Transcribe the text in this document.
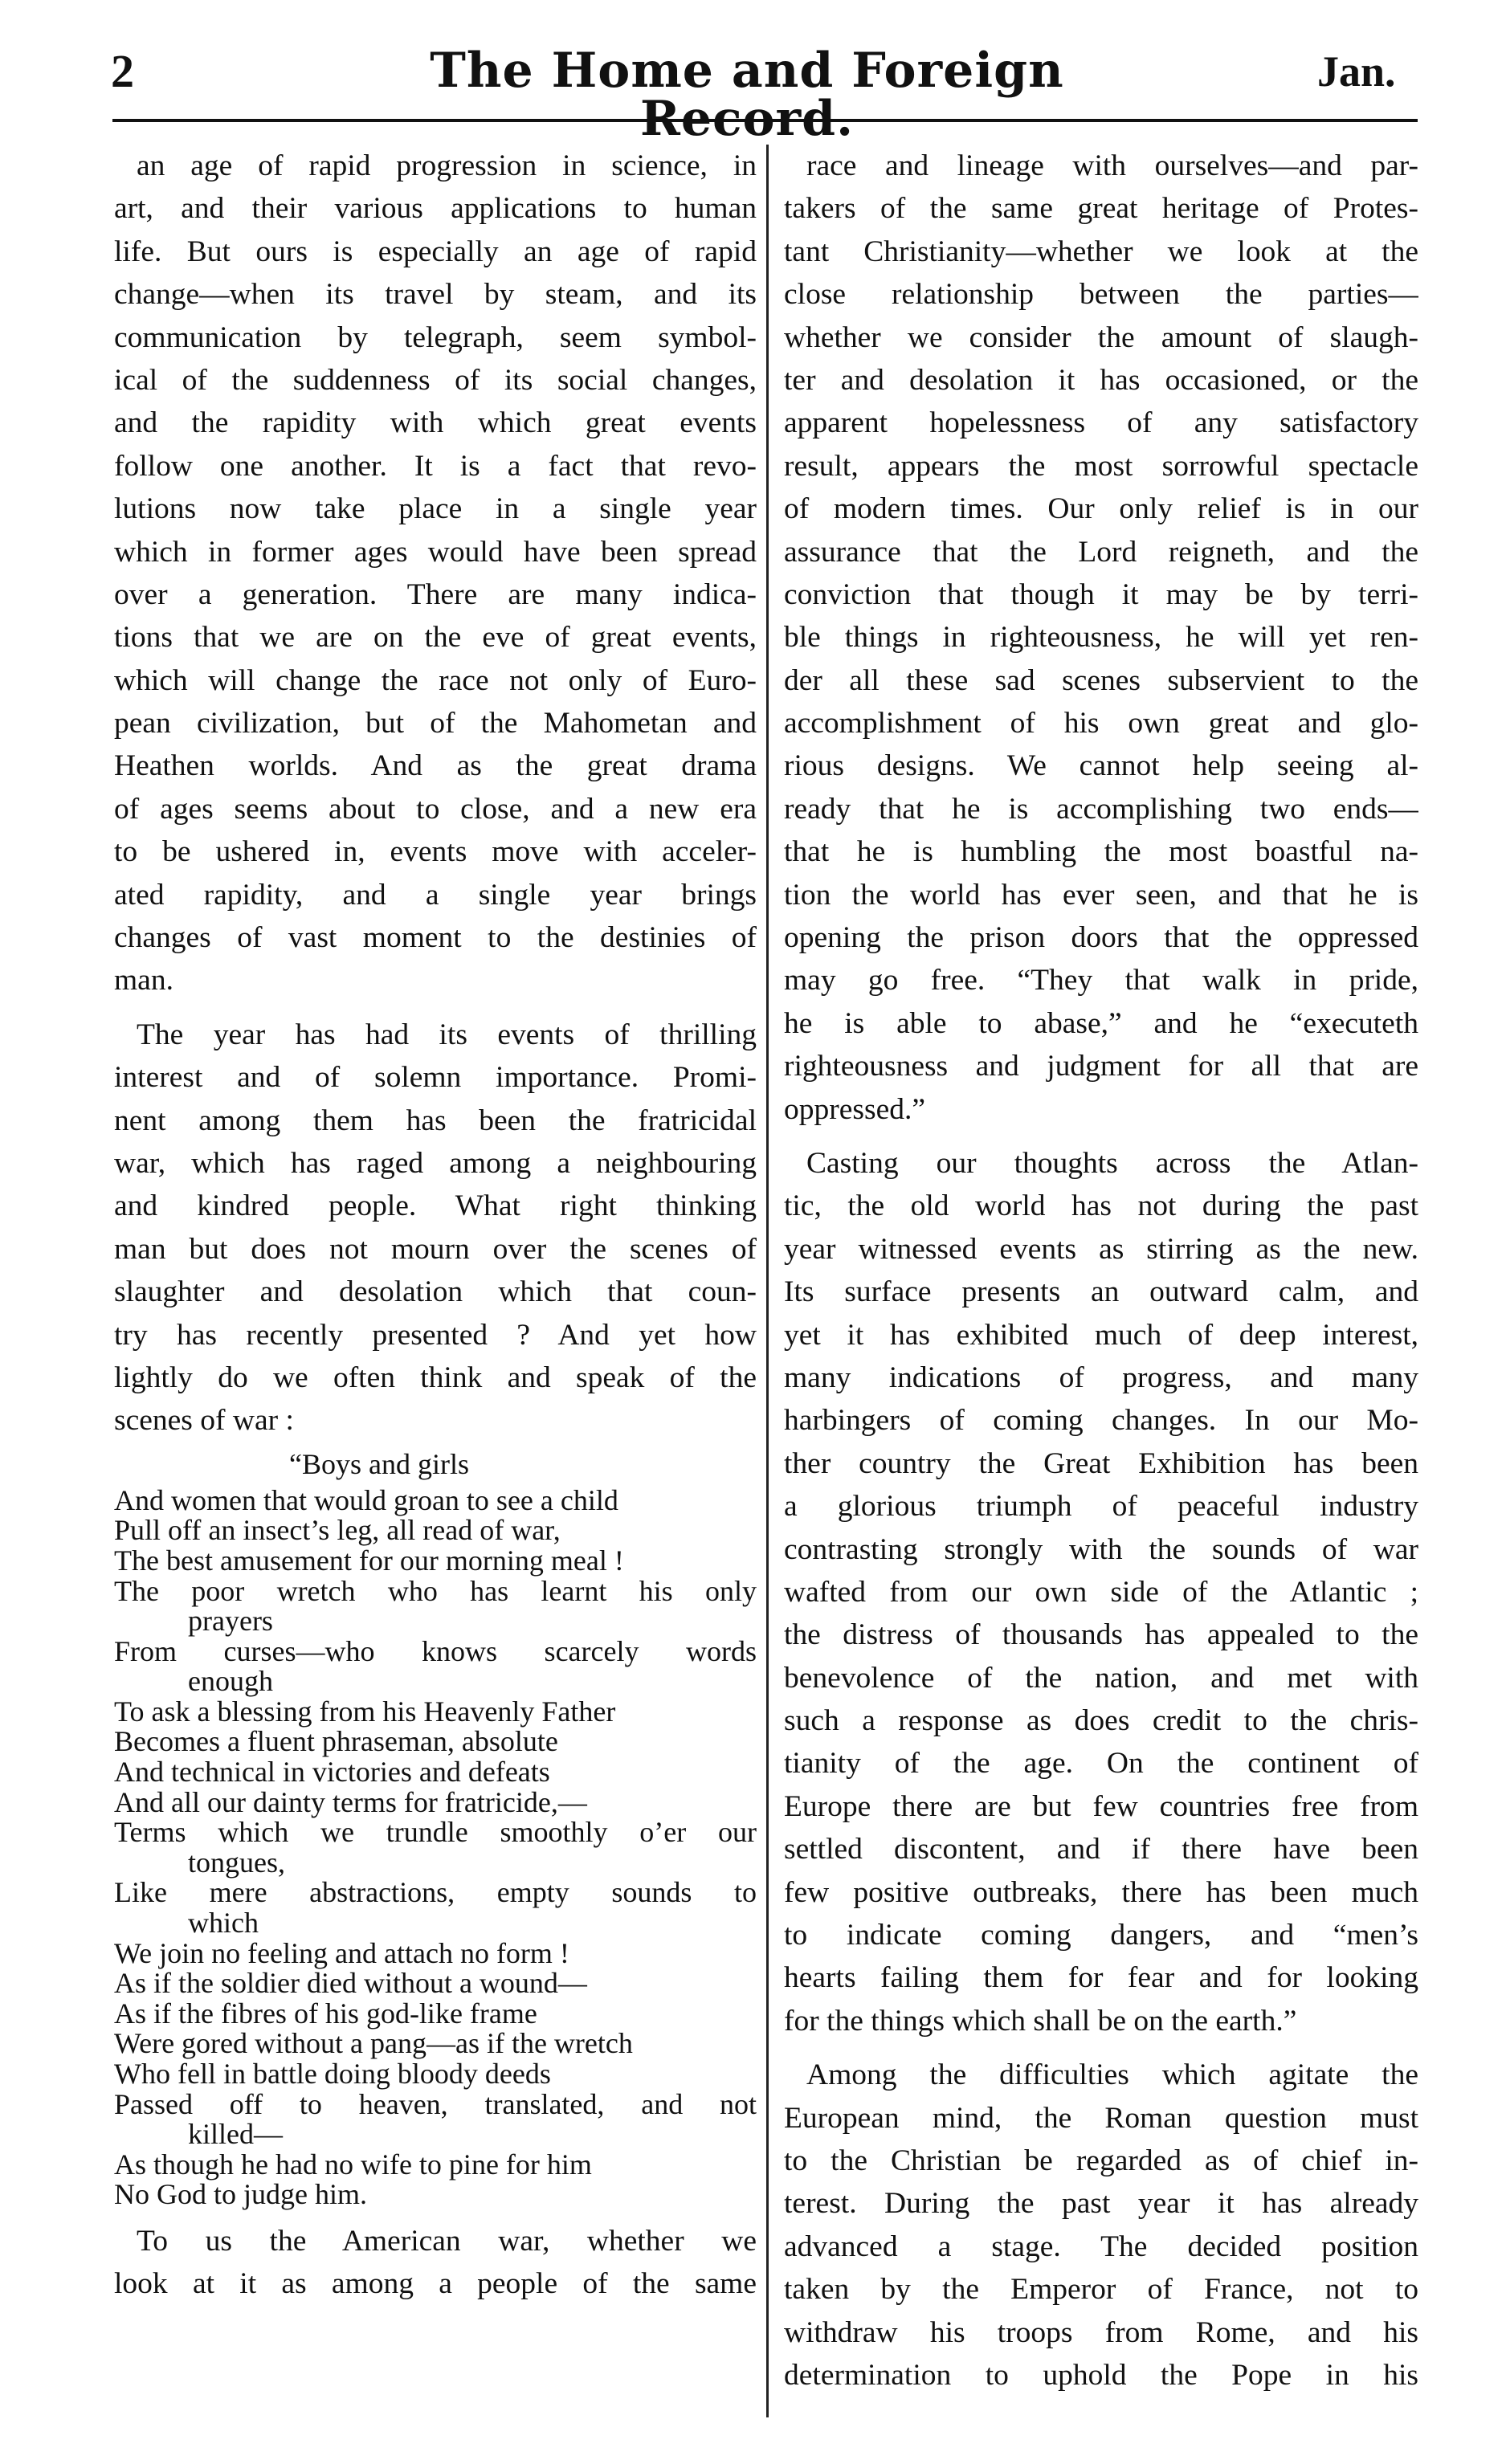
2	The Home and Foreign Record.
Jan.
an age of rapid progression in science, in
art, and their various applications to human
life. But ours is especially an age of rapid
change—when its travel by steam, and its
communication by telegraph, seem symbol-
ical of the suddenness of its social changes,
and the rapidity with which great events
follow one another. It is a fact that revo-
lutions now take place in a single year
which in former ages would have been spread
over a generation. There are many indica-
tions that we are on the eve of great events,
which will change the race not only of Euro-
pean civilization, but of the Mahometan and
Heathen worlds. And as the great drama
of ages seems about to close, and a new era
to be ushered in, events move with acceler-
ated rapidity, and a single year brings
changes of vast moment to the destinies of
man.
The year has had its events of thrilling
interest and of solemn importance. Promi-
nent among them has been the fratricidal
war, which has raged among a neighbouring
and kindred people. What right thinking
man but does not mourn over the scenes of
slaughter and desolation which that coun-
try has recently presented ? And yet how
lightly do we often think and speak of the
scenes of war :
“Boys and girls
And women that would groan to see a child
Pull off an insect’s leg, all read of war,
The best amusement for our morning meal !
The poor wretch who has learnt his only
prayers
From curses—who knows scarcely words
enough
To ask a blessing from his Heavenly Father
Becomes a fluent phraseman, absolute
And technical in victories and defeats
And all our dainty terms for fratricide,—
Terms which we trundle smoothly o’er our
tongues,
Like mere abstractions, empty sounds to
which
We join no feeling and attach no form !
As if the soldier died without a wound—
As if the fibres of his god-like frame
Were gored without a pang—as if the wretch
Who fell in battle doing bloody deeds
Passed off to heaven, translated, and not
killed—
As though he had no wife to pine for him
No God to judge him.
To us the American war, whether we
look at it as among a people of the same
race and lineage with ourselves—and par-
takers of the same great heritage of Protes-
tant Christianity—whether we look at the
close relationship between the parties—
whether we consider the amount of slaugh-
ter and desolation it has occasioned, or the
apparent hopelessness of any satisfactory
result, appears the most sorrowful spectacle
of modern times. Our only relief is in our
assurance that the Lord reigneth, and the
conviction that though it may be by terri-
ble things in righteousness, he will yet ren-
der all these sad scenes subservient to the
accomplishment of his own great and glo-
rious designs. We cannot help seeing al-
ready that he is accomplishing two ends—
that he is humbling the most boastful na-
tion the world has ever seen, and that he is
opening the prison doors that the oppressed
may go free. “They that walk in pride,
he is able to abase,” and he “executeth
righteousness and judgment for all that are
oppressed.”
Casting our thoughts across the Atlan-
tic, the old world has not during the past
year witnessed events as stirring as the new.
Its surface presents an outward calm, and
yet it has exhibited much of deep interest,
many indications of progress, and many
harbingers of coming changes. In our Mo-
ther country the Great Exhibition has been
a glorious triumph of peaceful industry
contrasting strongly with the sounds of war
wafted from our own side of the Atlantic ;
the distress of thousands has appealed to the
benevolence of the nation, and met with
such a response as does credit to the chris-
tianity of the age. On the continent of
Europe there are but few countries free from
settled discontent, and if there have been
few positive outbreaks, there has been much
to indicate coming dangers, and “men’s
hearts failing them for fear and for looking
for the things which shall be on the earth.”
Among the difficulties which agitate the
European mind, the Roman question must
to the Christian be regarded as of chief in-
terest. During the past year it has already
advanced a stage. The decided position
taken by the Emperor of France, not to
withdraw his troops from Rome, and his
determination to uphold the Pope in his
